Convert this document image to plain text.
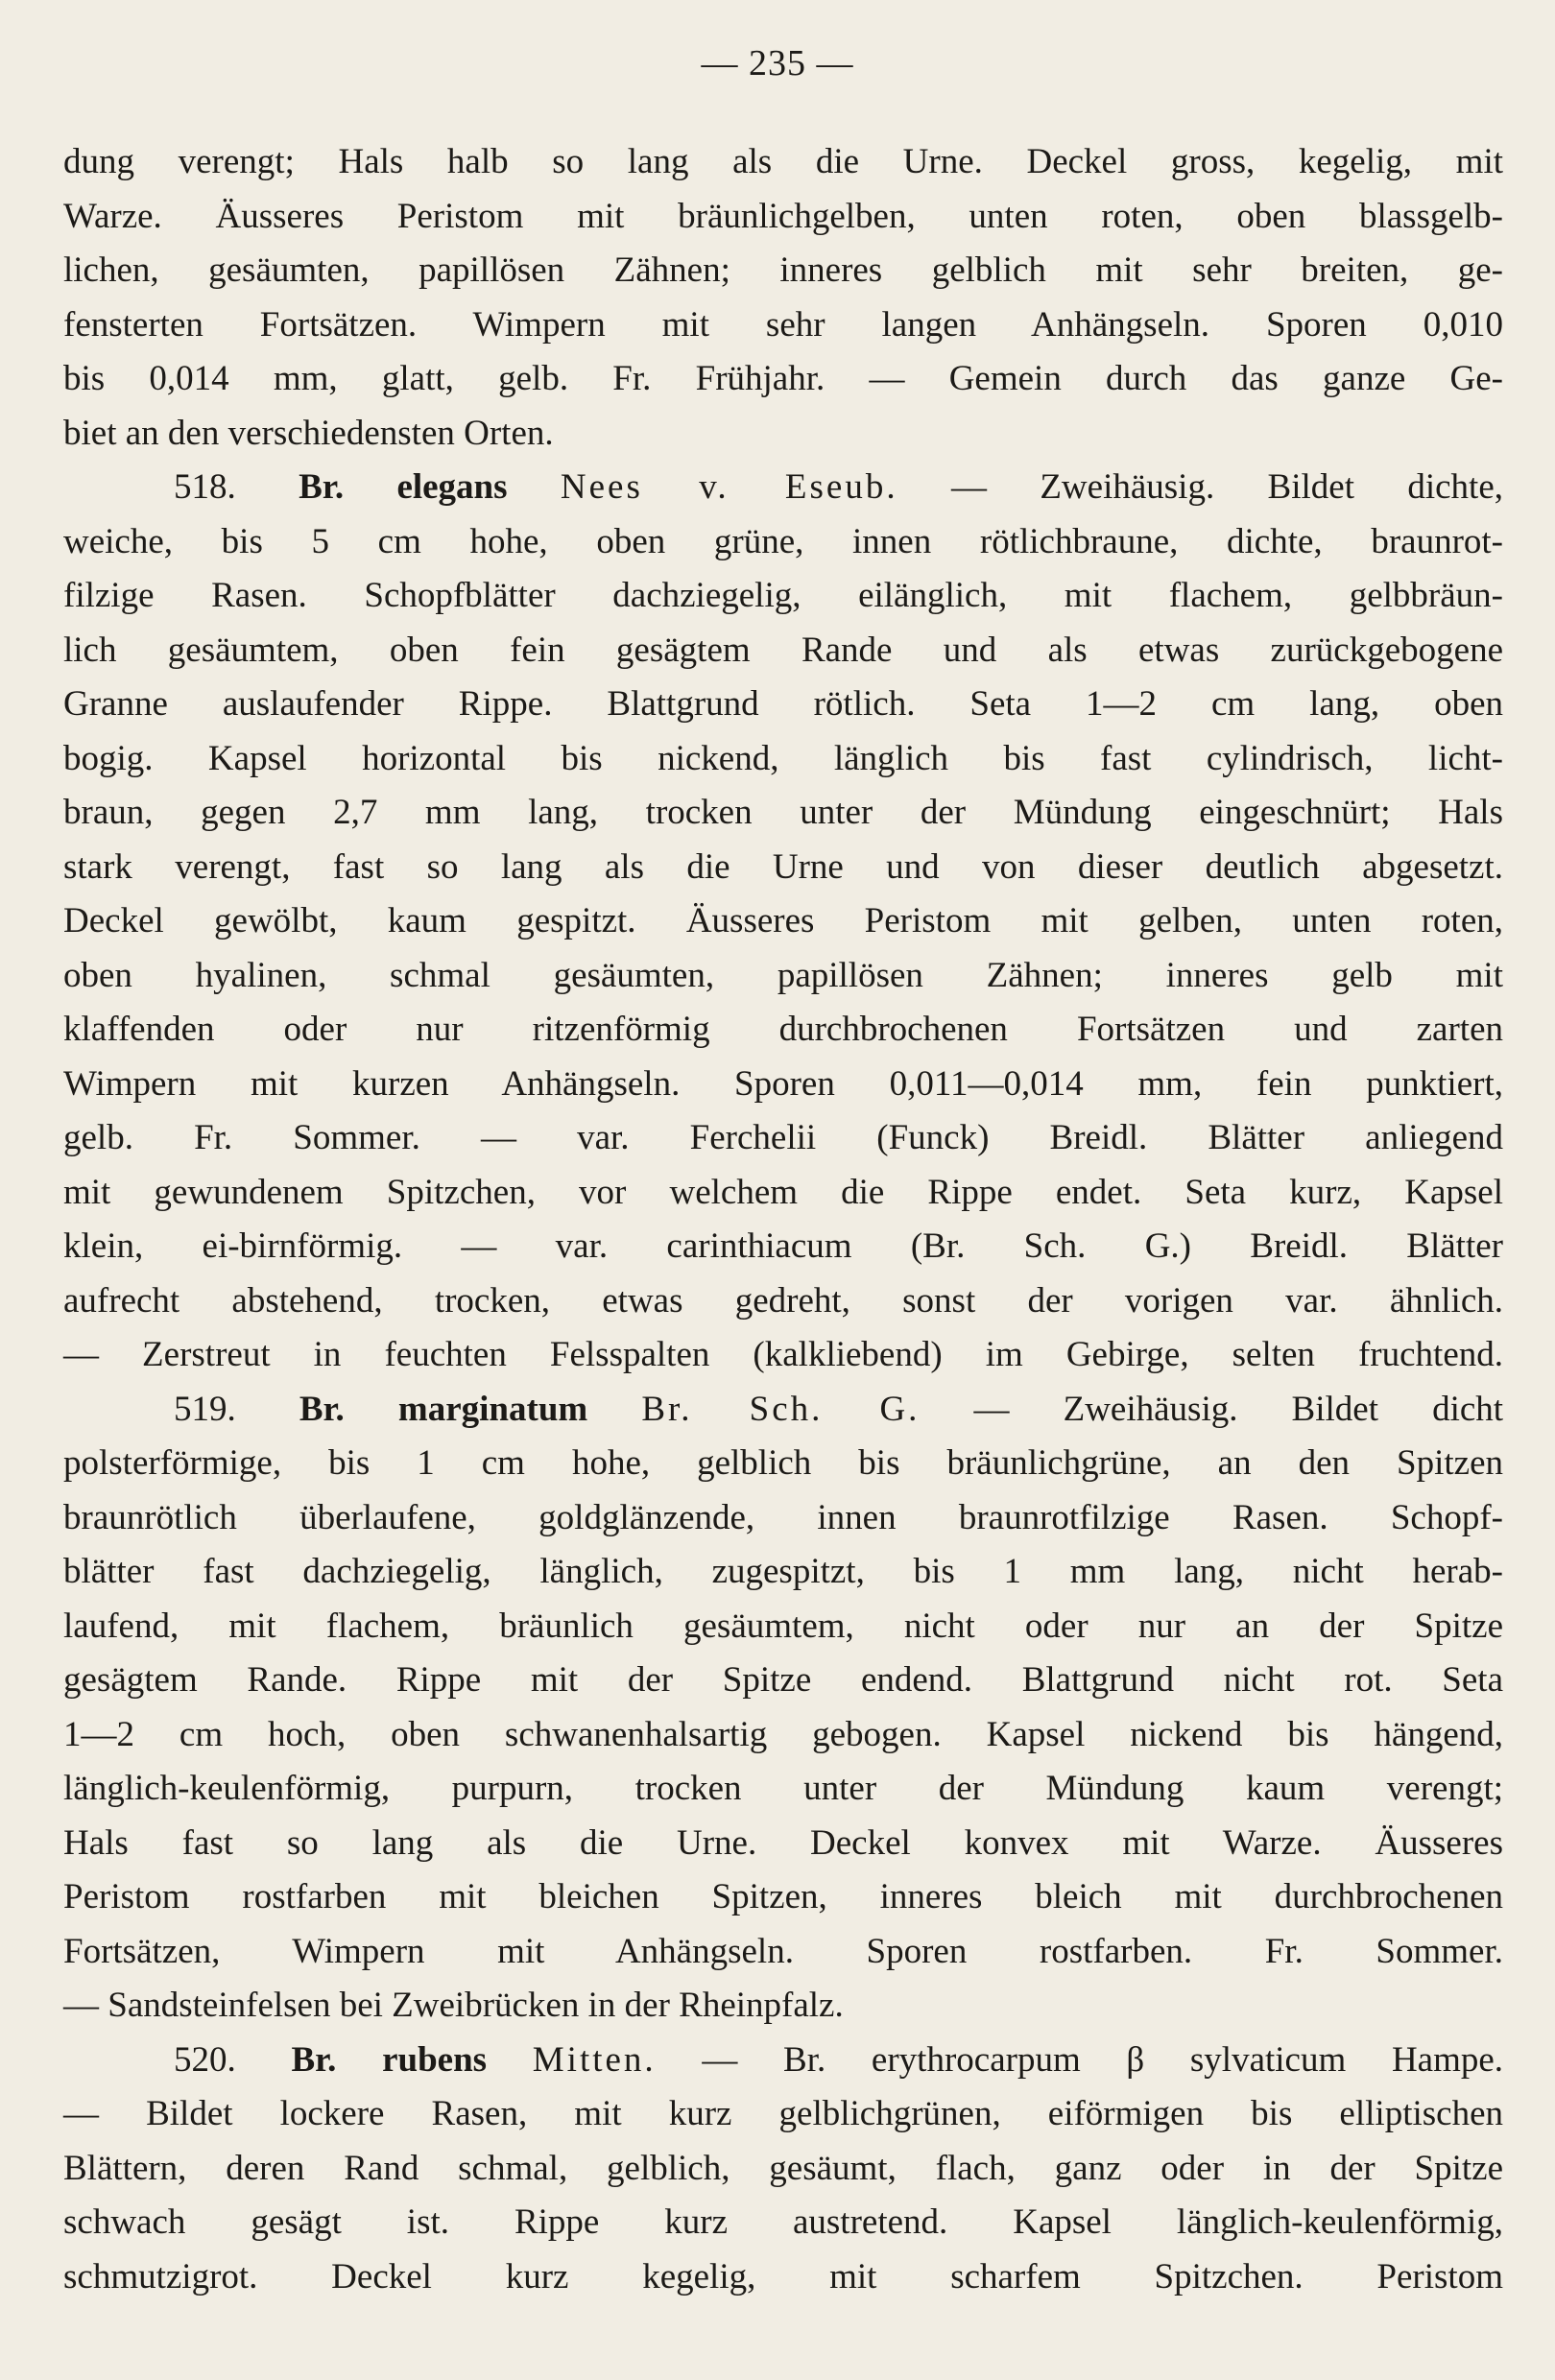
— 235 —
dung verengt; Hals halb so lang als die Urne. Deckel gross, kegelig, mit
Warze. Äusseres Peristom mit bräunlichgelben, unten roten, oben blassgelb-
lichen, gesäumten, papillösen Zähnen; inneres gelblich mit sehr breiten, ge-
fensterten Fortsätzen. Wimpern mit sehr langen Anhängseln. Sporen 0,010
bis 0,014 mm, glatt, gelb. Fr. Frühjahr. — Gemein durch das ganze Ge-
biet an den verschiedensten Orten.
518. Br. elegans Nees v. Eseub. — Zweihäusig. Bildet dichte,
weiche, bis 5 cm hohe, oben grüne, innen rötlichbraune, dichte, braunrot-
filzige Rasen. Schopfblätter dachziegelig, eilänglich, mit flachem, gelbbräun-
lich gesäumtem, oben fein gesägtem Rande und als etwas zurückgebogene
Granne auslaufender Rippe. Blattgrund rötlich. Seta 1—2 cm lang, oben
bogig. Kapsel horizontal bis nickend, länglich bis fast cylindrisch, licht-
braun, gegen 2,7 mm lang, trocken unter der Mündung eingeschnürt; Hals
stark verengt, fast so lang als die Urne und von dieser deutlich abgesetzt.
Deckel gewölbt, kaum gespitzt. Äusseres Peristom mit gelben, unten roten,
oben hyalinen, schmal gesäumten, papillösen Zähnen; inneres gelb mit
klaffenden oder nur ritzenförmig durchbrochenen Fortsätzen und zarten
Wimpern mit kurzen Anhängseln. Sporen 0,011—0,014 mm, fein punktiert,
gelb. Fr. Sommer. — var. Ferchelii (Funck) Breidl. Blätter anliegend
mit gewundenem Spitzchen, vor welchem die Rippe endet. Seta kurz, Kapsel
klein, ei-birnförmig. — var. carinthiacum (Br. Sch. G.) Breidl. Blätter
aufrecht abstehend, trocken, etwas gedreht, sonst der vorigen var. ähnlich.
— Zerstreut in feuchten Felsspalten (kalkliebend) im Gebirge, selten fruchtend.
519. Br. marginatum Br. Sch. G. — Zweihäusig. Bildet dicht
polsterförmige, bis 1 cm hohe, gelblich bis bräunlichgrüne, an den Spitzen
braunrötlich überlaufene, goldglänzende, innen braunrotfilzige Rasen. Schopf-
blätter fast dachziegelig, länglich, zugespitzt, bis 1 mm lang, nicht herab-
laufend, mit flachem, bräunlich gesäumtem, nicht oder nur an der Spitze
gesägtem Rande. Rippe mit der Spitze endend. Blattgrund nicht rot. Seta
1—2 cm hoch, oben schwanenhalsartig gebogen. Kapsel nickend bis hängend,
länglich-keulenförmig, purpurn, trocken unter der Mündung kaum verengt;
Hals fast so lang als die Urne. Deckel konvex mit Warze. Äusseres
Peristom rostfarben mit bleichen Spitzen, inneres bleich mit durchbrochenen
Fortsätzen, Wimpern mit Anhängseln. Sporen rostfarben. Fr. Sommer.
— Sandsteinfelsen bei Zweibrücken in der Rheinpfalz.
520. Br. rubens Mitten. — Br. erythrocarpum β sylvaticum Hampe.
— Bildet lockere Rasen, mit kurz gelblichgrünen, eiförmigen bis elliptischen
Blättern, deren Rand schmal, gelblich, gesäumt, flach, ganz oder in der Spitze
schwach gesägt ist. Rippe kurz austretend. Kapsel länglich-keulenförmig,
schmutzigrot. Deckel kurz kegelig, mit scharfem Spitzchen. Peristom
